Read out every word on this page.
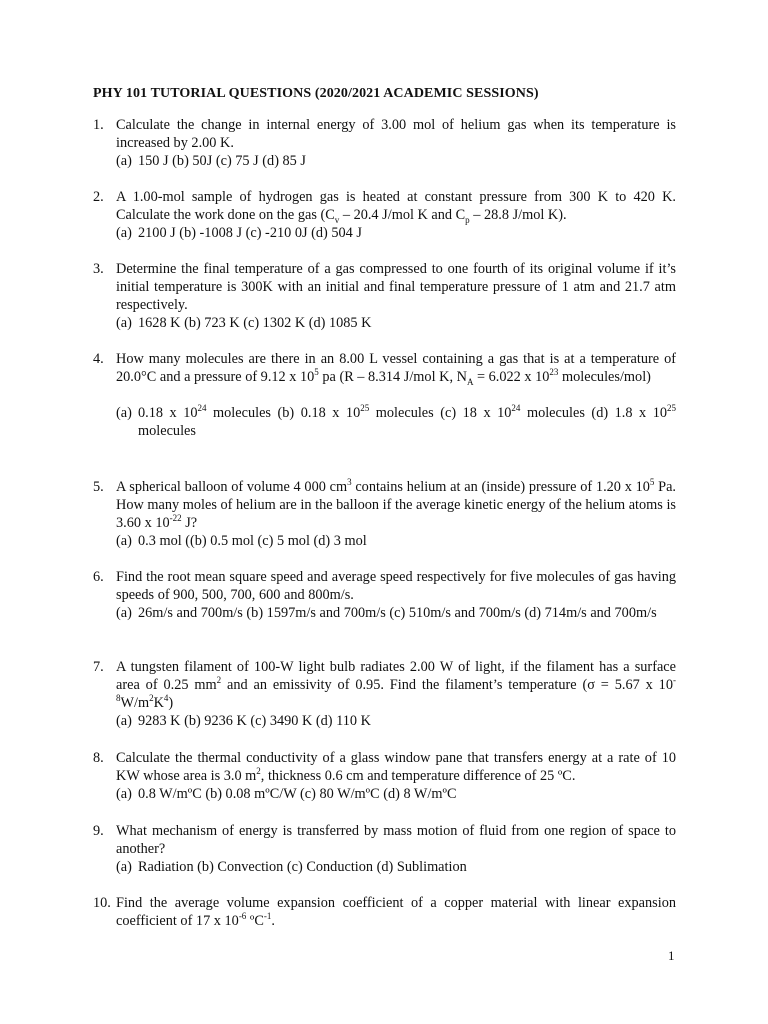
PHY 101 TUTORIAL QUESTIONS (2020/2021 ACADEMIC SESSIONS)
1. Calculate the change in internal energy of 3.00 mol of helium gas when its temperature is increased by 2.00 K.
(a) 150 J (b) 50J (c) 75 J (d) 85 J
2. A 1.00-mol sample of hydrogen gas is heated at constant pressure from 300 K to 420 K. Calculate the work done on the gas ($C_v - 20.4$ J/mol K and $C_p - 28.8$ J/mol K).
(a) 2100 J (b) -1008 J (c) -210 0J (d) 504 J
3. Determine the final temperature of a gas compressed to one fourth of its original volume if it’s initial temperature is 300K with an initial and final temperature pressure of 1 atm and 21.7 atm respectively.
(a) 1628 K (b) 723 K (c) 1302 K (d) 1085 K
4. How many molecules are there in an 8.00 L vessel containing a gas that is at a temperature of 20.0°C and a pressure of 9.12 x $10^5$ pa (R – 8.314 J/mol K, $N_A = 6.022$ x $10^{23}$ molecules/mol)
(a) 0.18 x $10^{24}$ molecules (b) 0.18 x $10^{25}$ molecules (c) 18 x $10^{24}$ molecules (d) 1.8 x $10^{25}$ molecules
5. A spherical balloon of volume 4 000 $cm^3$ contains helium at an (inside) pressure of 1.20 x $10^5$ Pa. How many moles of helium are in the balloon if the average kinetic energy of the helium atoms is 3.60 x $10^{-22}$ J?
(a) 0.3 mol ((b) 0.5 mol (c) 5 mol (d) 3 mol
6. Find the root mean square speed and average speed respectively for five molecules of gas having speeds of 900, 500, 700, 600 and 800m/s.
(a) 26m/s and 700m/s (b) 1597m/s and 700m/s (c) 510m/s and 700m/s (d) 714m/s and 700m/s
7. A tungsten filament of 100-W light bulb radiates 2.00 W of light, if the filament has a surface area of 0.25 $mm^2$ and an emissivity of 0.95. Find the filament’s temperature (σ = 5.67 x $10^{-8}W/m^2K^4$)
(a) 9283 K (b) 9236 K (c) 3490 K (d) 110 K
8. Calculate the thermal conductivity of a glass window pane that transfers energy at a rate of 10 KW whose area is 3.0 $m^2$, thickness 0.6 cm and temperature difference of 25 ºC.
(a) 0.8 W/mºC (b) 0.08 mºC/W (c) 80 W/mºC (d) 8 W/mºC
9. What mechanism of energy is transferred by mass motion of fluid from one region of space to another?
(a) Radiation (b) Convection (c) Conduction (d) Sublimation
10. Find the average volume expansion coefficient of a copper material with linear expansion coefficient of 17 x $10^{-6}$ ºC$^{-1}$.
1
